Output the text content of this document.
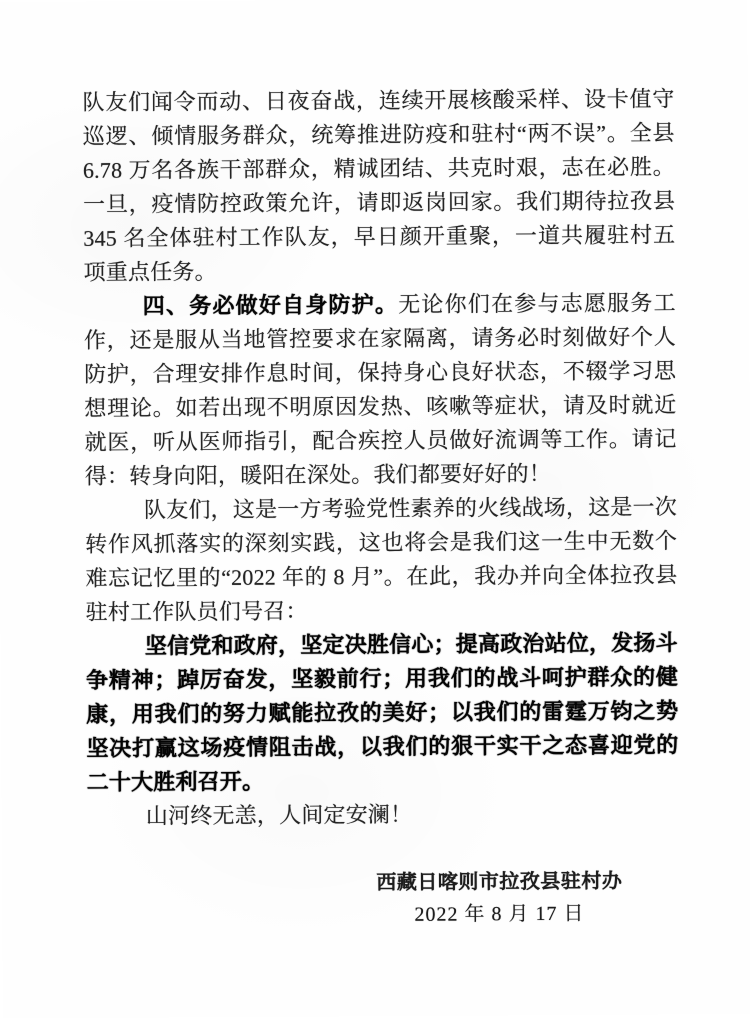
队友们闻令而动、日夜奋战，连续开展核酸采样、设卡值守巡逻、倾情服务群众，统筹推进防疫和驻村“两不误”。全县 6.78 万名各族干部群众，精诚团结、共克时艰，志在必胜。一旦，疫情防控政策允许，请即返岗回家。我们期待拉孜县 345 名全体驻村工作队友，早日颜开重聚，一道共履驻村五项重点任务。

四、务必做好自身防护。无论你们在参与志愿服务工作，还是服从当地管控要求在家隔离，请务必时刻做好个人防护，合理安排作息时间，保持身心良好状态，不辍学习思想理论。如若出现不明原因发热、咳嗽等症状，请及时就近就医，听从医师指引，配合疾控人员做好流调等工作。请记得：转身向阳，暖阳在深处。我们都要好好的！

队友们，这是一方考验党性素养的火线战场，这是一次转作风抓落实的深刻实践，这也将会是我们这一生中无数个难忘记忆里的“2022 年的 8 月”。在此，我办并向全体拉孜县驻村工作队员们号召：

坚信党和政府，坚定决胜信心；提高政治站位，发扬斗争精神；踔厉奋发，坚毅前行；用我们的战斗呵护群众的健康，用我们的努力赋能拉孜的美好；以我们的雷霆万钧之势坚决打赢这场疫情阻击战，以我们的狠干实干之态喜迎党的二十大胜利召开。

山河终无恙，人间定安澜！

西藏日喀则市拉孜县驻村办
2022 年 8 月 17 日
